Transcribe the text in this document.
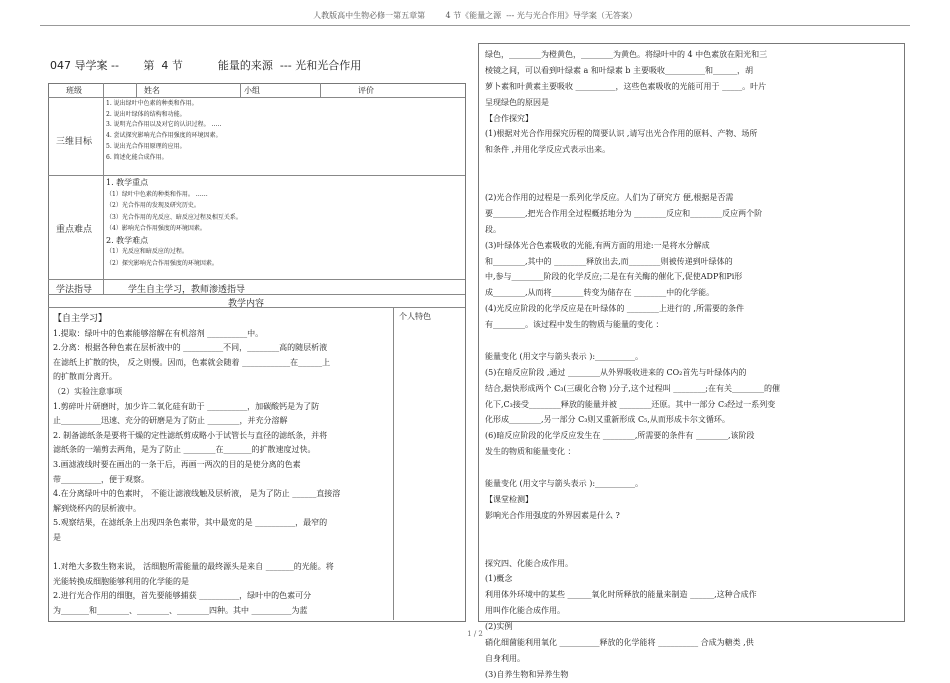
人教版高中生物必修一第五章第        4 节《能量之源  --- 光与光合作用》导学案（无答案）
047 导学案 --       第  4 节          能量的来源  --- 光和光合作用
班级	姓名	小组	评价
三维目标
1. 说出绿叶中色素的种类和作用。
2. 说出叶绿体的结构和功能。
3. 说明光合作用以及对它的认识过程。 …..
4. 尝试探究影响光合作用强度的环境因素。
5. 说出光合作用原理的应用。
6. 简述化能合成作用。
重点难点
1. 教学重点
（1）绿叶中色素的种类和作用。 ……
（2）光合作用的发现及研究历史。
（3）光合作用的光反应、暗反应过程及相互关系。
（4）影响光合作用强度的环境因素。
2. 教学难点
（1）光反应和暗反应的过程。
（2）探究影响光合作用强度的环境因素。
学法指导	学生自主学习，教师渗透指导
教学内容
个人特色
【自主学习】
1.提取：绿叶中的色素能够溶解在有机溶剂 __________中。
2.分离：根据各种色素在层析液中的 __________不同，________高的随层析液
在滤纸上扩散的快， 反之则慢。因而，色素就会随着 ____________在______上
的扩散而分离开。
（2）实验注意事项
1.剪碎叶片研磨时，加少许二氧化硅有助于 __________，加碳酸钙是为了防
止__________迅速、充分的研磨是为了防止 ________，并充分溶解
2. 制备滤纸条是要将干燥的定性滤纸剪成略小于试管长与直径的滤纸条，并将
滤纸条的一端剪去两角，是为了防止 ________在_______的扩散速度过快。
3.画滤液线时要在画出的一条干后，再画一两次的目的是使分离的色素
带__________，便于观察。
4.在分离绿叶中的色素时， 不能让滤液线触及层析液， 是为了防止 ______直接溶
解到烧杯内的层析液中。
5.观察结果，在滤纸条上出现四条色素带，其中最宽的是 __________，最窄的
是
1.对绝大多数生物来说， 活细胞所需能量的最终源头是来自 _______的光能。将
光能转换成细胞能够利用的化学能的是
2.进行光合作用的细胞，首先要能够捕获 __________，绿叶中的色素可分
为_______和________、________、________四种。其中 __________为蓝
绿色，________为橙黄色，________为黄色。将绿叶中的 4 中色素放在阳光和三
棱镜之间，可以看到叶绿素 a 和叶绿素 b 主要吸收__________和______，胡
萝卜素和叶黄素主要吸收 __________，这些色素吸收的光能可用于 _____。叶片
呈现绿色的原因是
【合作探究】
(1)根据对光合作用探究历程的简要认识 ,请写出光合作用的原料、产物、场所
和条件 ,并用化学反应式表示出来。
(2)光合作用的过程是一系列化学反应。人们为了研究方 便,根据是否需
要________,把光合作用全过程概括地分为 ________反应和________反应两个阶
段。
(3)叶绿体光合色素吸收的光能,有两方面的用途:一是将水分解成
和________,其中的 ________释放出去,而________则被传递到叶绿体的
中,参与________阶段的化学反应;二是在有关酶的催化下,促使ADP和Pi形
成________,从而将________转变为储存在 ________中的化学能。
(4)光反应阶段的化学反应是在叶绿体的 ________上进行的 ,所需要的条件
有________。该过程中发生的物质与能量的变化 ：
能量变化 (用文字与箭头表示 ):__________。
(5)在暗反应阶段 ,通过 ________从外界吸收进来的 CO₂首先与叶绿体内的
结合,据快形成两个 C₃(三碳化合物 )分子,这个过程叫 ________;在有关________的催
化下,C₃接受________释放的能量并被 ________还原。其中一部分 C₃经过一系列变
化形成________,另一部分 C₃则又重新形成 C₅,从而形成卡尔文循环。
(6)暗反应阶段的化学反应发生在 ________,所需要的条件有 ________,该阶段
发生的物质和能量变化 ：
能量变化 (用文字与箭头表示 ):__________。
【课堂检测】
影响光合作用强度的外界因素是什么 ?
探究四、化能合成作用。
(1)概念
利用体外环境中的某些 ______氧化时所释放的能量来制造 ______,这种合成作
用叫作化能合成作用。
(2)实例
硝化细菌能利用氧化 __________释放的化学能将 __________ 合成为糖类 ,供
自身利用。
(3)自养生物和异养生物
1 / 2
